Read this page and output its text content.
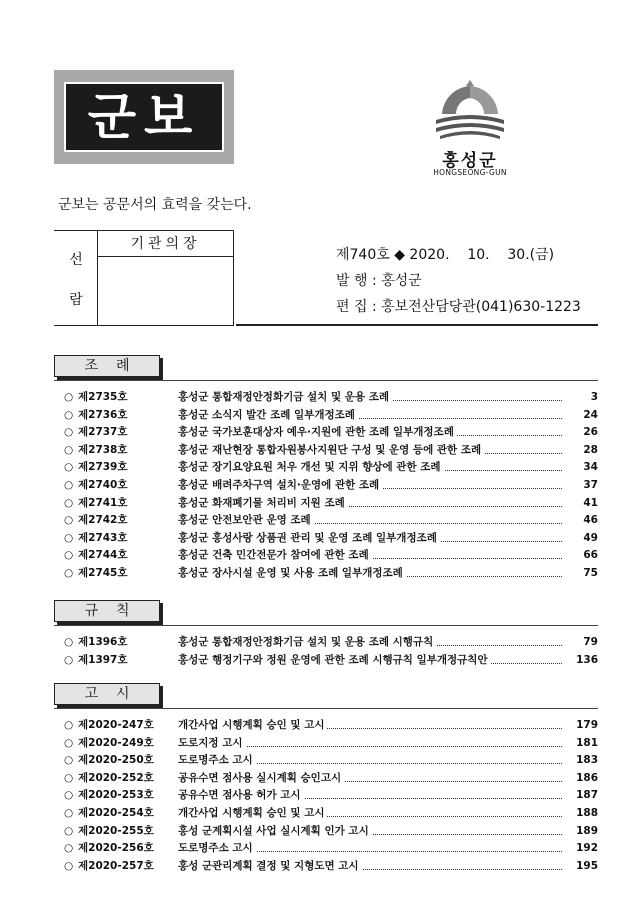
군보
홍성군
HONGSEONG-GUN
군보는 공문서의 효력을 갖는다.
선
람
기관의장
제740호 ◆ 2020.    10.    30.(금)
발 행 : 홍성군
편 집 : 홍보전산담당관(041)630-1223
조례
규칙
고시
○ 제2735호	홍성군 통합재정안정화기금 설치 및 운용 조례	3
○ 제2736호	홍성군 소식지 발간 조례 일부개정조례	24
○ 제2737호	홍성군 국가보훈대상자 예우·지원에 관한 조례 일부개정조례	26
○ 제2738호	홍성군 재난현장 통합자원봉사지원단 구성 및 운영 등에 관한 조례	28
○ 제2739호	홍성군 장기요양요원 처우 개선 및 지위 향상에 관한 조례	34
○ 제2740호	홍성군 배려주차구역 설치·운영에 관한 조례	37
○ 제2741호	홍성군 화재폐기물 처리비 지원 조례	41
○ 제2742호	홍성군 안전보안관 운영 조례	46
○ 제2743호	홍성군 홍성사랑 상품권 관리 및 운영 조례 일부개정조례	49
○ 제2744호	홍성군 건축 민간전문가 참여에 관한 조례	66
○ 제2745호	홍성군 장사시설 운영 및 사용 조례 일부개정조례	75
○ 제1396호	홍성군 통합재정안정화기금 설치 및 운용 조례 시행규칙	79
○ 제1397호	홍성군 행정기구와 정원 운영에 관한 조례 시행규칙 일부개정규칙안	136
○ 제2020-247호 개간사업 시행계획 승인 및 고시	179
○ 제2020-249호 도로지정 고시	181
○ 제2020-250호 도로명주소 고시	183
○ 제2020-252호 공유수면 점사용 실시계획 승인고시	186
○ 제2020-253호 공유수면 점사용 허가 고시	187
○ 제2020-254호 개간사업 시행계획 승인 및 고시	188
○ 제2020-255호 홍성 군계획시설 사업 실시계획 인가 고시	189
○ 제2020-256호 도로명주소 고시	192
○ 제2020-257호 홍성 군관리계획 결정 및 지형도면 고시	195
